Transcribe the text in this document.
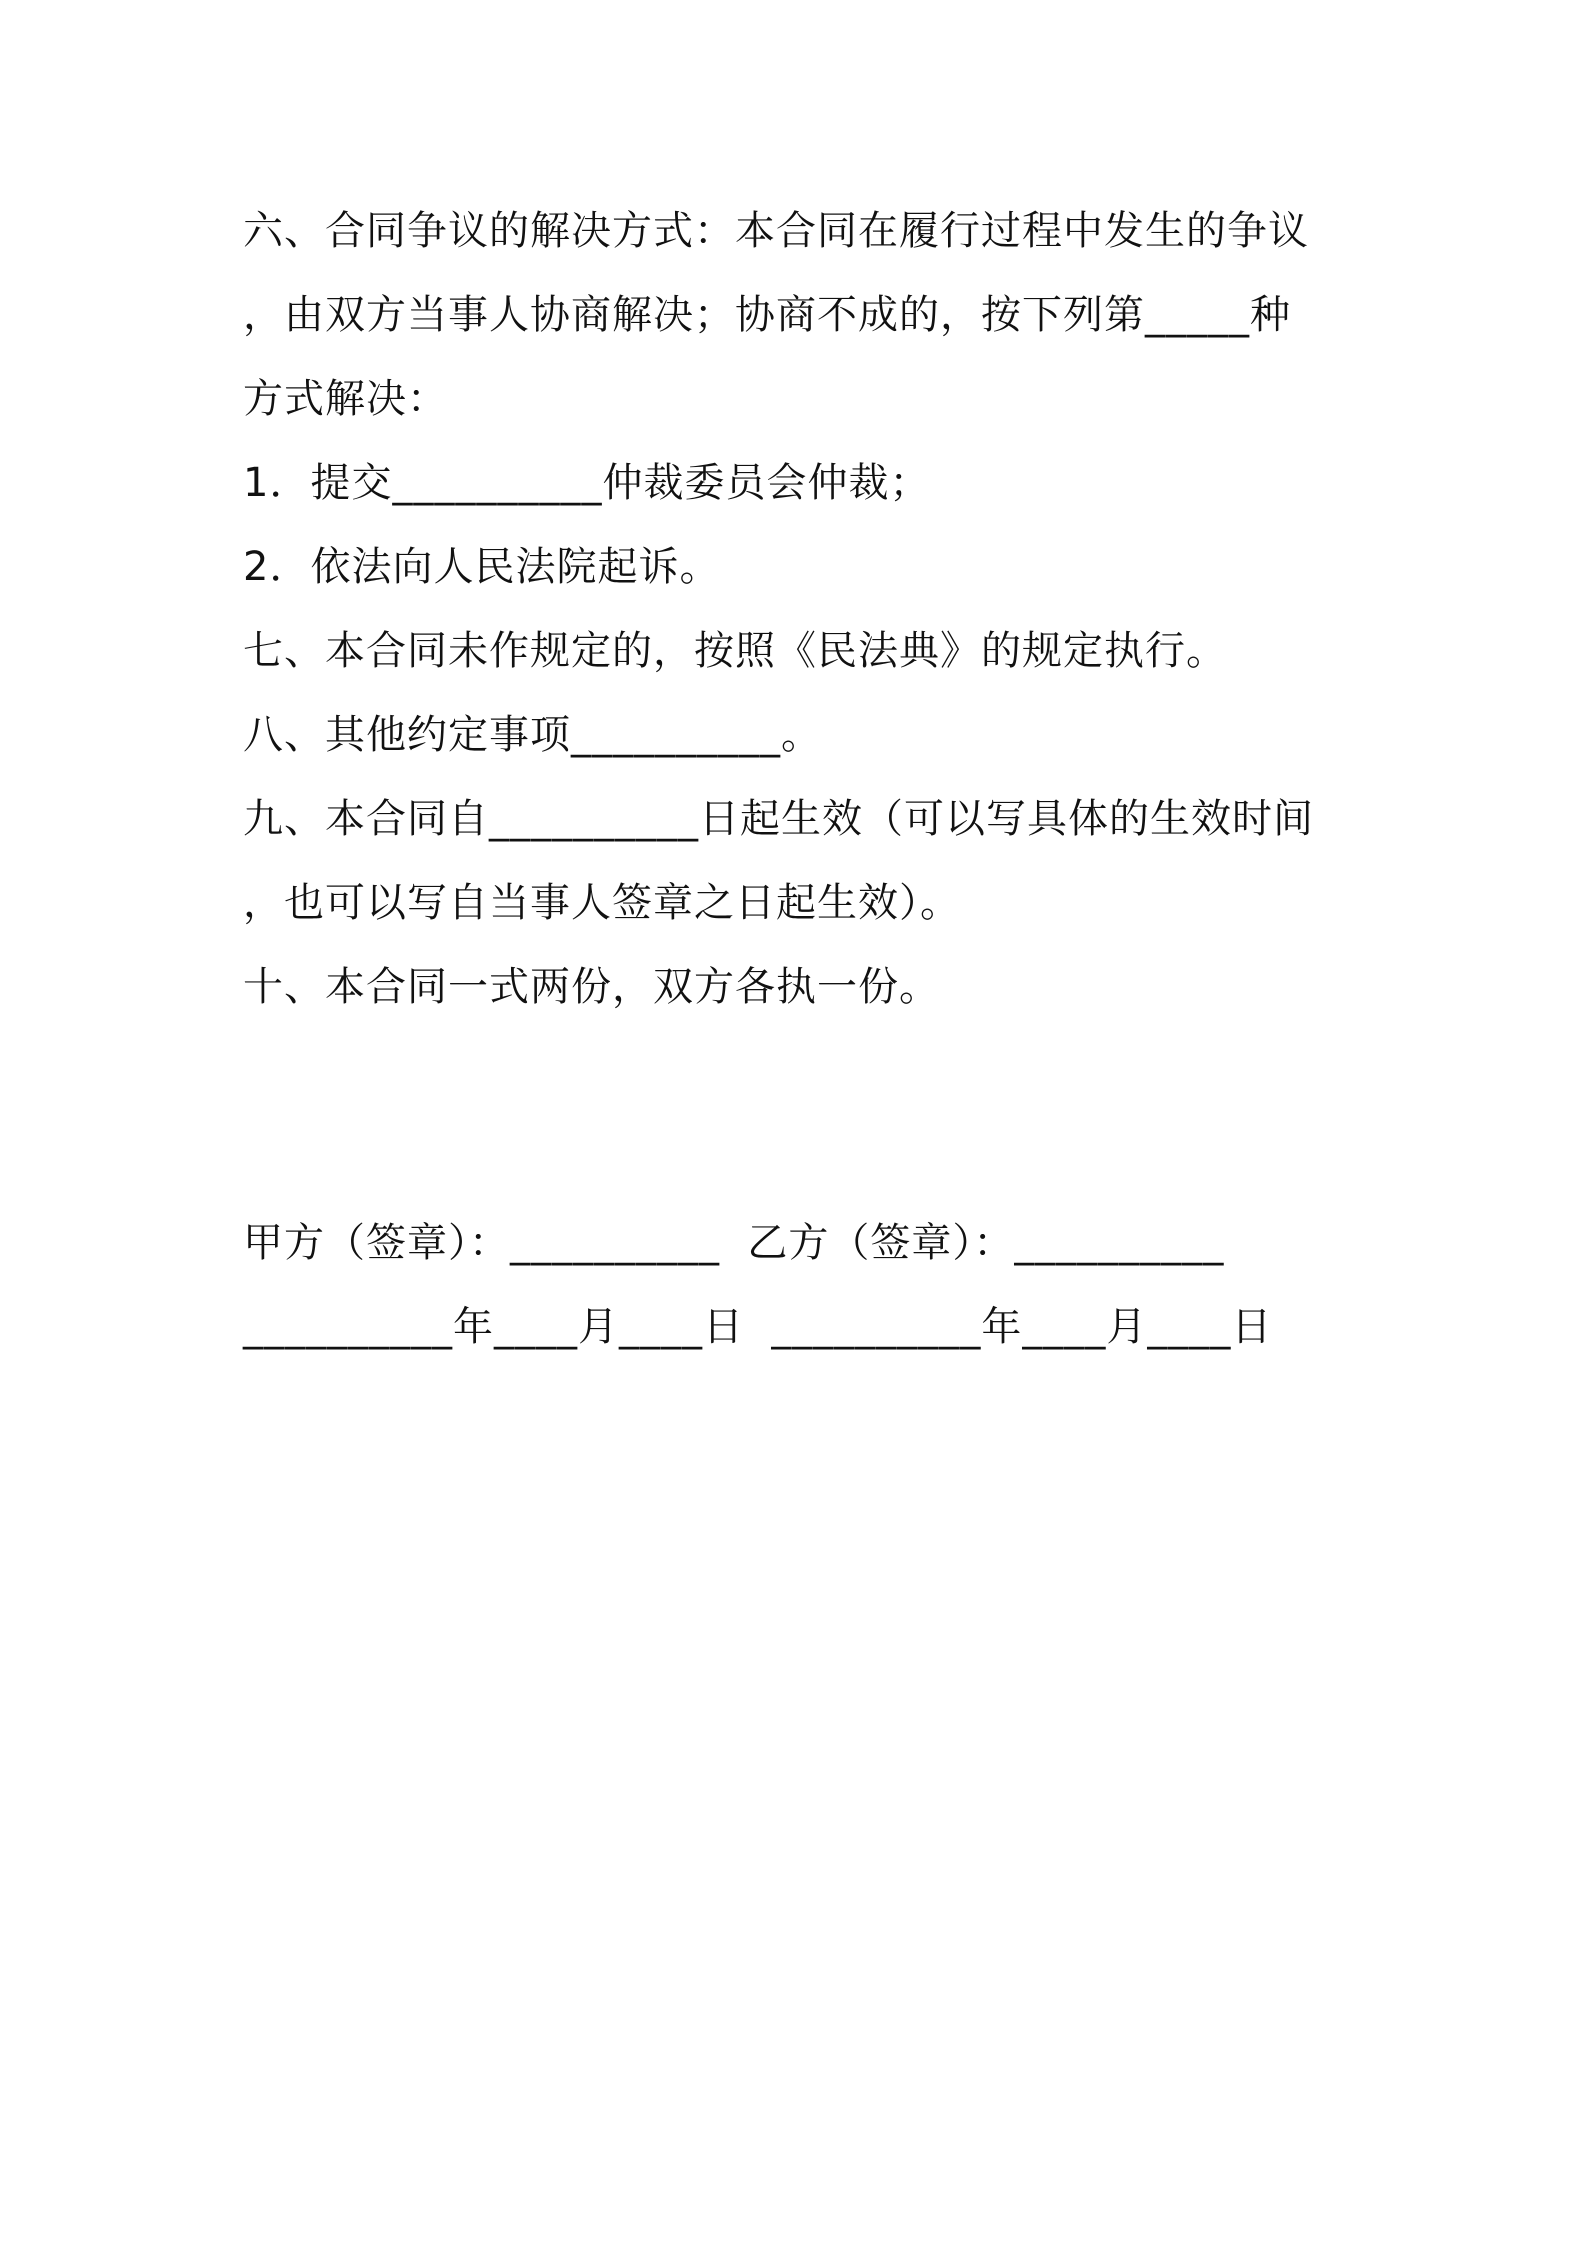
六、合同争议的解决方式：本合同在履行过程中发生的争议
，由双方当事人协商解决；协商不成的，按下列第_____种
方式解决：
1．提交__________仲裁委员会仲裁；
2．依法向人民法院起诉。
七、本合同未作规定的，按照《民法典》的规定执行。
八、其他约定事项__________。
九、本合同自__________日起生效（可以写具体的生效时间
，也可以写自当事人签章之日起生效）。
十、本合同一式两份，双方各执一份。
甲方（签章）：__________  乙方（签章）：__________
__________年____月____日  __________年____月____日
